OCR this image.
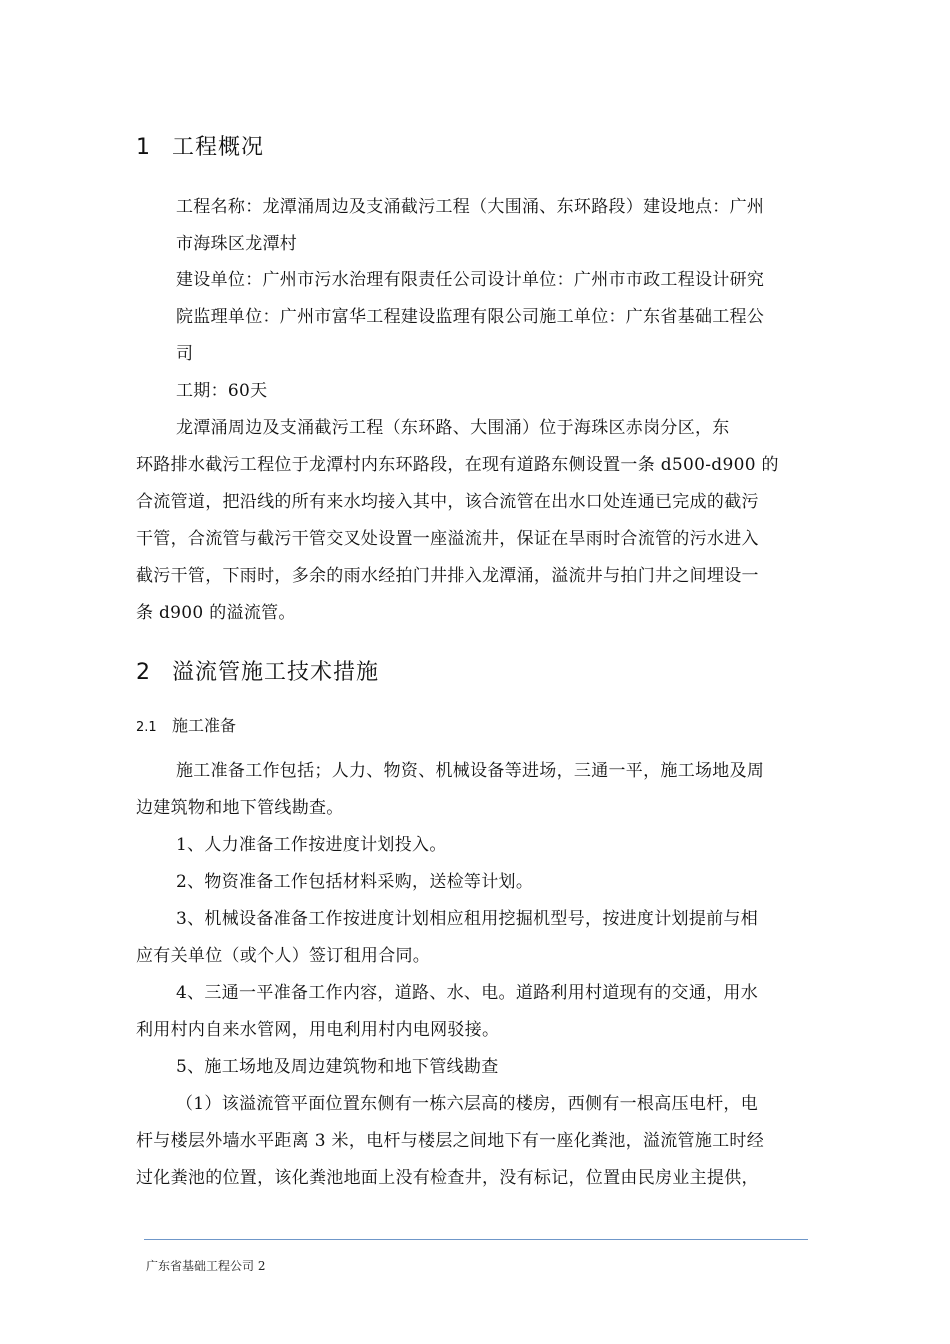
1 工程概况
工程名称：龙潭涌周边及支涌截污工程（大围涌、东环路段）建设地点：广州
市海珠区龙潭村
建设单位：广州市污水治理有限责任公司设计单位：广州市市政工程设计研究
院监理单位：广州市富华工程建设监理有限公司施工单位：广东省基础工程公
司
工期：60天
龙潭涌周边及支涌截污工程（东环路、大围涌）位于海珠区赤岗分区，东
环路排水截污工程位于龙潭村内东环路段，在现有道路东侧设置一条 d500-d900 的
合流管道，把沿线的所有来水均接入其中，该合流管在出水口处连通已完成的截污
干管，合流管与截污干管交叉处设置一座溢流井，保证在旱雨时合流管的污水进入
截污干管，下雨时，多余的雨水经拍门井排入龙潭涌，溢流井与拍门井之间埋设一
条 d900 的溢流管。
2 溢流管施工技术措施
2.1 施工准备
施工准备工作包括；人力、物资、机械设备等进场，三通一平，施工场地及周
边建筑物和地下管线勘查。
1、人力准备工作按进度计划投入。
2、物资准备工作包括材料采购，送检等计划。
3、机械设备准备工作按进度计划相应租用挖掘机型号，按进度计划提前与相
应有关单位（或个人）签订租用合同。
4、三通一平准备工作内容，道路、水、电。道路利用村道现有的交通，用水
利用村内自来水管网，用电利用村内电网驳接。
5、施工场地及周边建筑物和地下管线勘查
（1）该溢流管平面位置东侧有一栋六层高的楼房，西侧有一根高压电杆，电
杆与楼层外墙水平距离 3 米，电杆与楼层之间地下有一座化粪池，溢流管施工时经
过化粪池的位置，该化粪池地面上没有检查井，没有标记，位置由民房业主提供，
广东省基础工程公司 2
